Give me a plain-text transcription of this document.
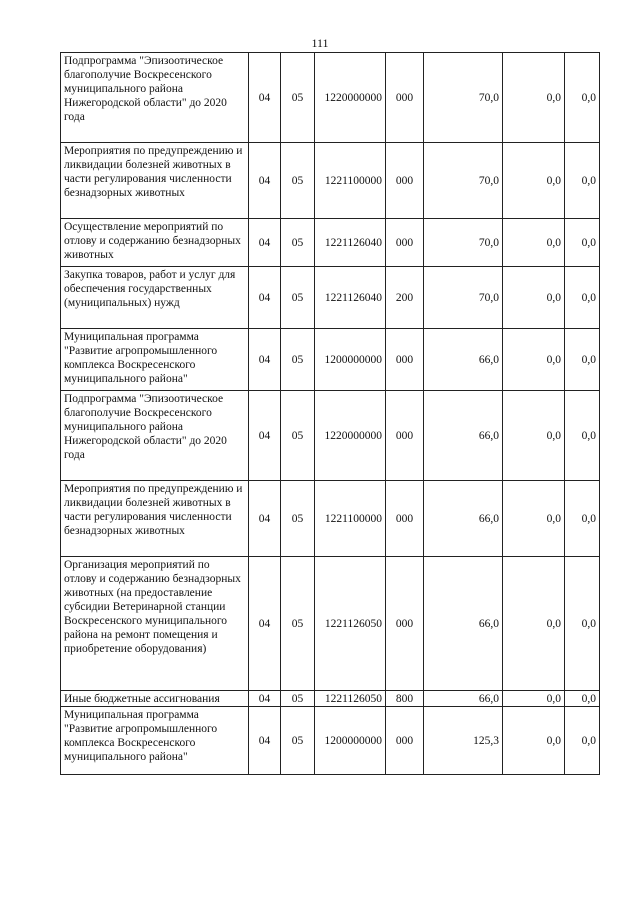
111
Подпрограмма "Эпизоотическое благополучие Воскресенского муниципального района Нижегородской области" до 2020 года	04	05	1220000000	000	70,0	0,0	0,0
Мероприятия по предупреждению и ликвидации болезней животных в части регулирования численности безнадзорных животных	04	05	1221100000	000	70,0	0,0	0,0
Осуществление мероприятий по отлову и содержанию безнадзорных животных	04	05	1221126040	000	70,0	0,0	0,0
Закупка товаров, работ и услуг для обеспечения государственных (муниципальных) нужд	04	05	1221126040	200	70,0	0,0	0,0
Муниципальная программа "Развитие агропромышленного комплекса Воскресенского муниципального района"	04	05	1200000000	000	66,0	0,0	0,0
Подпрограмма "Эпизоотическое благополучие Воскресенского муниципального района Нижегородской области" до 2020 года	04	05	1220000000	000	66,0	0,0	0,0
Мероприятия по предупреждению и ликвидации болезней животных в части регулирования численности безнадзорных животных	04	05	1221100000	000	66,0	0,0	0,0
Организация мероприятий по отлову и содержанию безнадзорных животных (на предоставление субсидии Ветеринарной станции Воскресенского муниципального района на ремонт помещения и приобретение оборудования)	04	05	1221126050	000	66,0	0,0	0,0
Иные бюджетные ассигнования	04	05	1221126050	800	66,0	0,0	0,0
Муниципальная программа "Развитие агропромышленного комплекса Воскресенского муниципального района"	04	05	1200000000	000	125,3	0,0	0,0
